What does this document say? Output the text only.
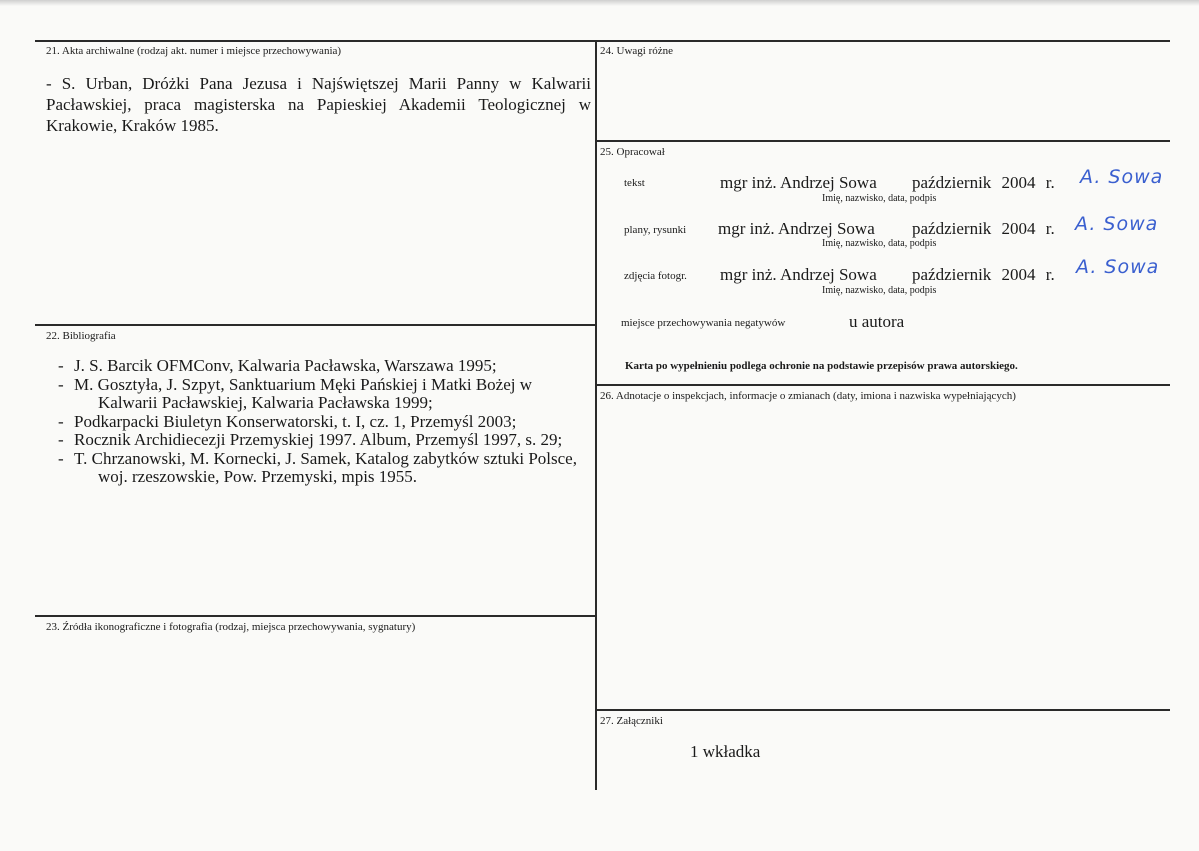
21. Akta archiwalne (rodzaj akt. numer i miejsce przechowywania)
- S. Urban, Dróżki Pana Jezusa i Najświętszej Marii Panny w Kalwarii Pacławskiej, praca magisterska na Papieskiej Akademii Teologicznej w Krakowie, Kraków 1985.
22. Bibliografia
- J. S. Barcik OFMConv, Kalwaria Pacławska, Warszawa 1995;
- M. Gosztyła, J. Szpyt, Sanktuarium Męki Pańskiej i Matki Bożej w Kalwarii Pacławskiej, Kalwaria Pacławska 1999;
- Podkarpacki Biuletyn Konserwatorski, t. I, cz. 1, Przemyśl 2003;
- Rocznik Archidiecezji Przemyskiej 1997. Album, Przemyśl 1997, s. 29;
- T. Chrzanowski, M. Kornecki, J. Samek, Katalog zabytków sztuki Polsce, woj. rzeszowskie, Pow. Przemyski, mpis 1955.
23. Źródła ikonograficzne i fotografia (rodzaj, miejsca przechowywania, sygnatury)
24. Uwagi różne
25. Opracował
tekst	mgr inż. Andrzej Sowa październik 2004 r. A. Sowa
Imię, nazwisko, data, podpis
plany, rysunki mgr inż. Andrzej Sowa październik 2004 r. A. Sowa
Imię, nazwisko, data, podpis
zdjęcia fotogr. mgr inż. Andrzej Sowa październik 2004 r. A. Sowa
Imię, nazwisko, data, podpis
miejsce przechowywania negatywów	u autora
Karta po wypełnieniu podlega ochronie na podstawie przepisów prawa autorskiego.
26. Adnotacje o inspekcjach, informacje o zmianach (daty, imiona i nazwiska wypełniających)
27. Załączniki
1 wkładka
